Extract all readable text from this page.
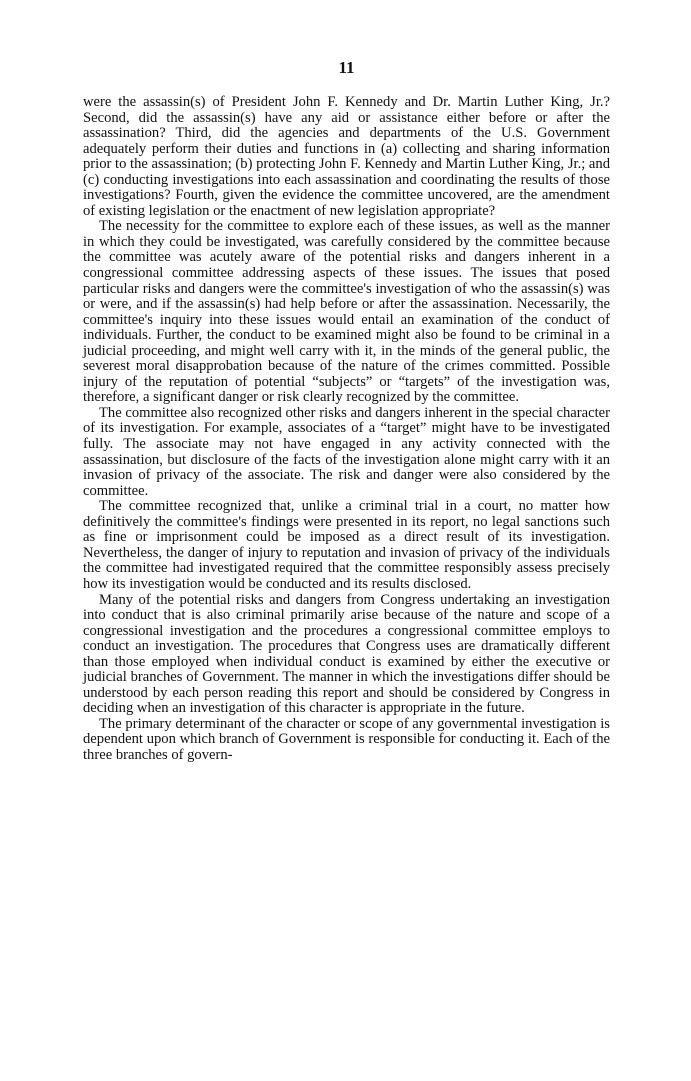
11

were the assassin(s) of President John F. Kennedy and Dr. Martin Luther King, Jr.? Second, did the assassin(s) have any aid or assistance either before or after the assassination? Third, did the agencies and departments of the U.S. Government adequately perform their duties and functions in (a) collecting and sharing information prior to the assassination; (b) protecting John F. Kennedy and Martin Luther King, Jr.; and (c) conducting investigations into each assassination and coordinating the results of those investigations? Fourth, given the evidence the committee uncovered, are the amendment of existing legislation or the enactment of new legislation appropriate?

The necessity for the committee to explore each of these issues, as well as the manner in which they could be investigated, was carefully considered by the committee because the committee was acutely aware of the potential risks and dangers inherent in a congressional committee addressing aspects of these issues. The issues that posed particular risks and dangers were the committee's investigation of who the assassin(s) was or were, and if the assassin(s) had help before or after the assassination. Necessarily, the committee's inquiry into these issues would entail an examination of the conduct of individuals. Further, the conduct to be examined might also be found to be criminal in a judicial proceeding, and might well carry with it, in the minds of the general public, the severest moral disapprobation because of the nature of the crimes committed. Possible injury of the reputation of potential “subjects” or “targets” of the investigation was, therefore, a significant danger or risk clearly recognized by the committee.

The committee also recognized other risks and dangers inherent in the special character of its investigation. For example, associates of a “target” might have to be investigated fully. The associate may not have engaged in any activity connected with the assassination, but disclosure of the facts of the investigation alone might carry with it an invasion of privacy of the associate. The risk and danger were also considered by the committee.

The committee recognized that, unlike a criminal trial in a court, no matter how definitively the committee's findings were presented in its report, no legal sanctions such as fine or imprisonment could be imposed as a direct result of its investigation. Nevertheless, the danger of injury to reputation and invasion of privacy of the individuals the committee had investigated required that the committee responsibly assess precisely how its investigation would be conducted and its results disclosed.

Many of the potential risks and dangers from Congress undertaking an investigation into conduct that is also criminal primarily arise because of the nature and scope of a congressional investigation and the procedures a congressional committee employs to conduct an investigation. The procedures that Congress uses are dramatically different than those employed when individual conduct is examined by either the executive or judicial branches of Government. The manner in which the investigations differ should be understood by each person reading this report and should be considered by Congress in deciding when an investigation of this character is appropriate in the future.

The primary determinant of the character or scope of any governmental investigation is dependent upon which branch of Government is responsible for conducting it. Each of the three branches of govern-
